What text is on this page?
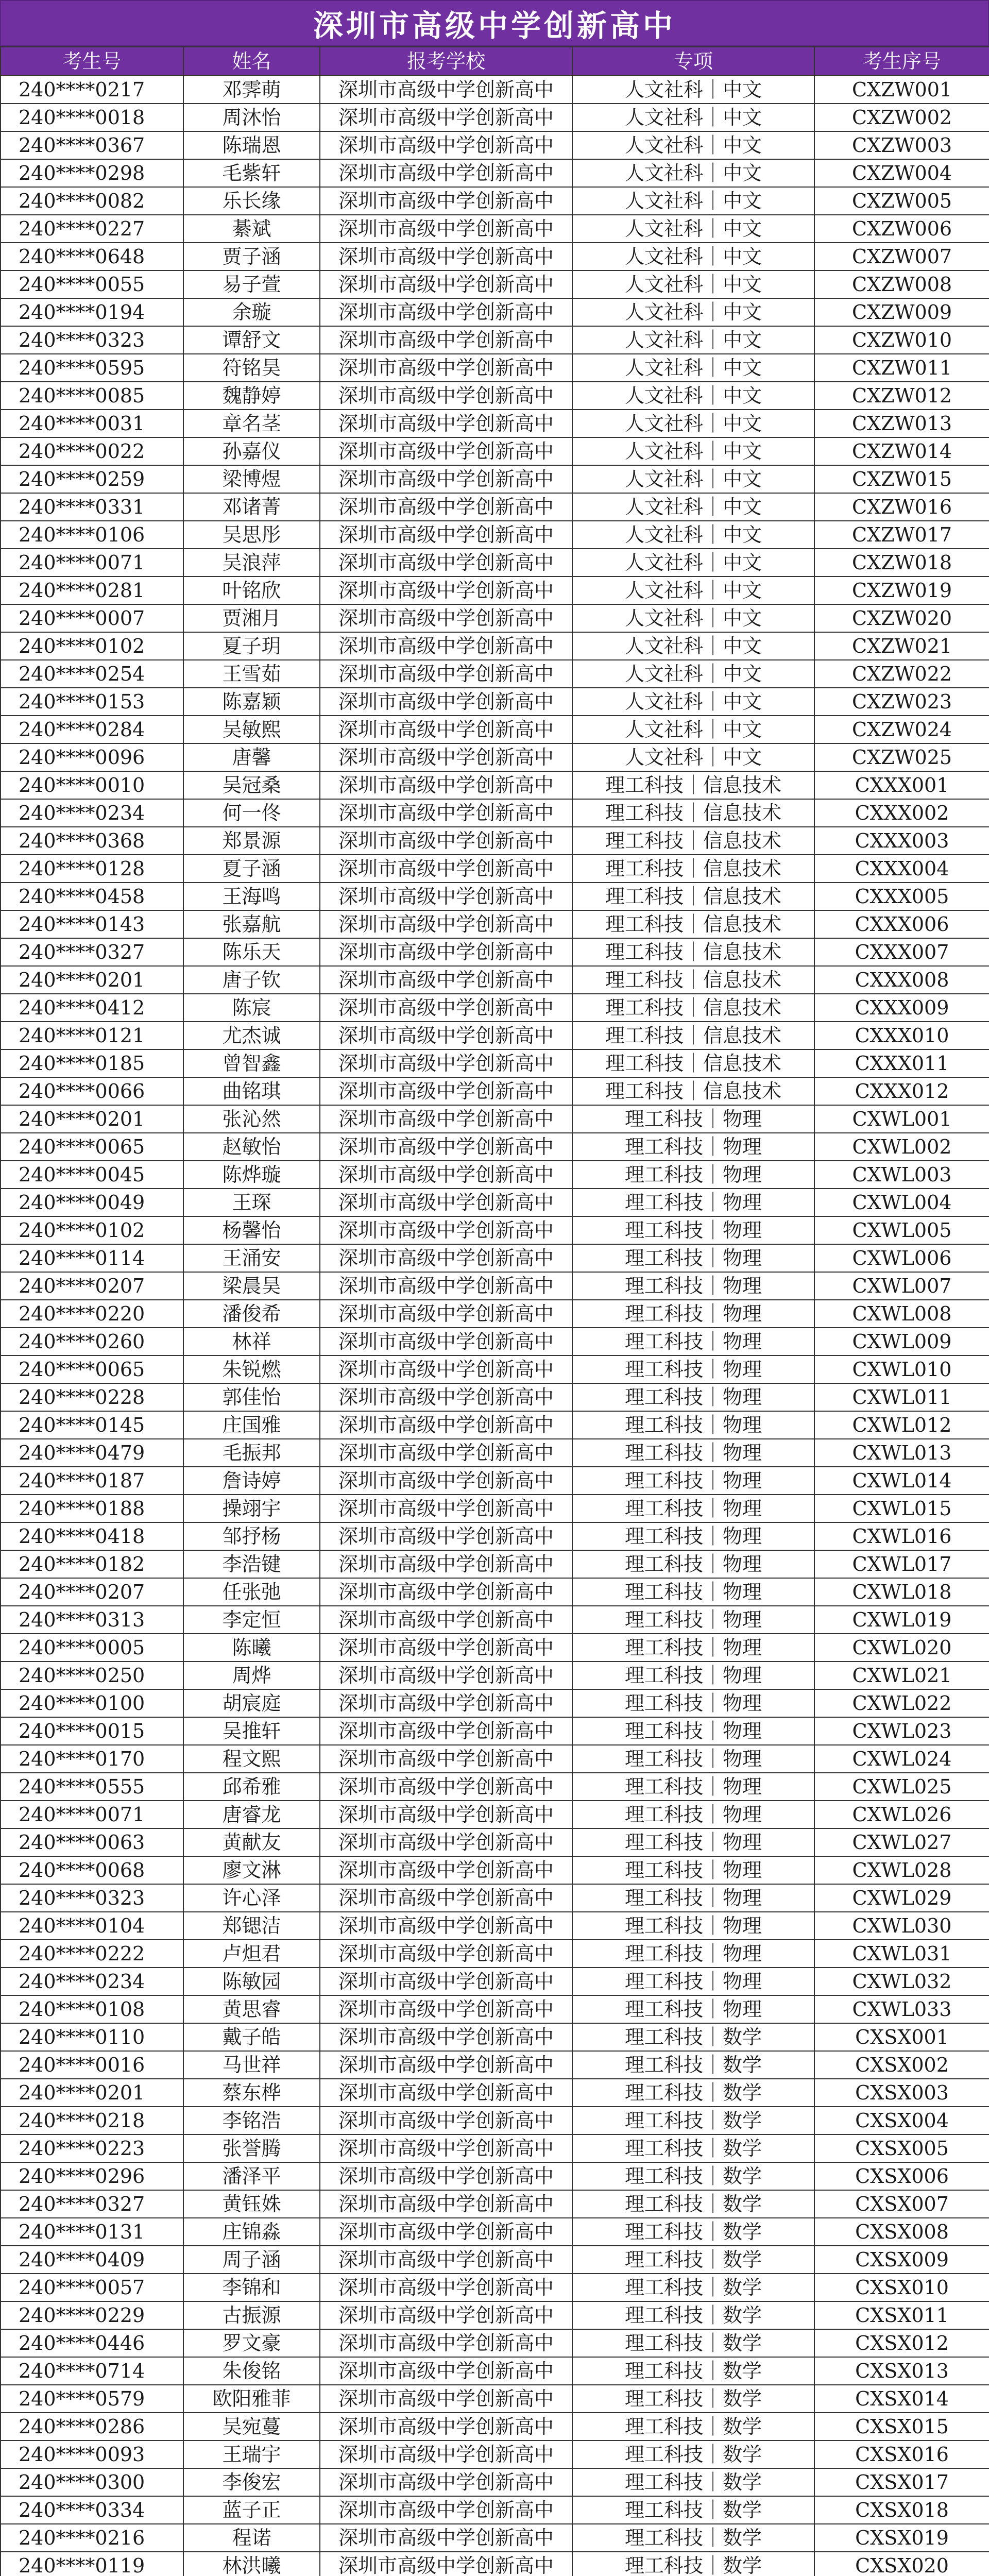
深圳市高级中学创新高中
考生号	姓名	报考学校	专项	考生序号
240****0217	邓霁萌	深圳市高级中学创新高中	人文社科｜中文	CXZW001
240****0018	周沐怡	深圳市高级中学创新高中	人文社科｜中文	CXZW002
240****0367	陈瑞恩	深圳市高级中学创新高中	人文社科｜中文	CXZW003
240****0298	毛紫轩	深圳市高级中学创新高中	人文社科｜中文	CXZW004
240****0082	乐长缘	深圳市高级中学创新高中	人文社科｜中文	CXZW005
240****0227	綦斌	深圳市高级中学创新高中	人文社科｜中文	CXZW006
240****0648	贾子涵	深圳市高级中学创新高中	人文社科｜中文	CXZW007
240****0055	易子萱	深圳市高级中学创新高中	人文社科｜中文	CXZW008
240****0194	余璇	深圳市高级中学创新高中	人文社科｜中文	CXZW009
240****0323	谭舒文	深圳市高级中学创新高中	人文社科｜中文	CXZW010
240****0595	符铭昊	深圳市高级中学创新高中	人文社科｜中文	CXZW011
240****0085	魏静婷	深圳市高级中学创新高中	人文社科｜中文	CXZW012
240****0031	章名茎	深圳市高级中学创新高中	人文社科｜中文	CXZW013
240****0022	孙嘉仪	深圳市高级中学创新高中	人文社科｜中文	CXZW014
240****0259	梁博煜	深圳市高级中学创新高中	人文社科｜中文	CXZW015
240****0331	邓诸菁	深圳市高级中学创新高中	人文社科｜中文	CXZW016
240****0106	吴思彤	深圳市高级中学创新高中	人文社科｜中文	CXZW017
240****0071	吴浪萍	深圳市高级中学创新高中	人文社科｜中文	CXZW018
240****0281	叶铭欣	深圳市高级中学创新高中	人文社科｜中文	CXZW019
240****0007	贾湘月	深圳市高级中学创新高中	人文社科｜中文	CXZW020
240****0102	夏子玥	深圳市高级中学创新高中	人文社科｜中文	CXZW021
240****0254	王雪茹	深圳市高级中学创新高中	人文社科｜中文	CXZW022
240****0153	陈嘉颖	深圳市高级中学创新高中	人文社科｜中文	CXZW023
240****0284	吴敏熙	深圳市高级中学创新高中	人文社科｜中文	CXZW024
240****0096	唐馨	深圳市高级中学创新高中	人文社科｜中文	CXZW025
240****0010	吴冠桑	深圳市高级中学创新高中	理工科技｜信息技术	CXXX001
240****0234	何一佟	深圳市高级中学创新高中	理工科技｜信息技术	CXXX002
240****0368	郑景源	深圳市高级中学创新高中	理工科技｜信息技术	CXXX003
240****0128	夏子涵	深圳市高级中学创新高中	理工科技｜信息技术	CXXX004
240****0458	王海鸣	深圳市高级中学创新高中	理工科技｜信息技术	CXXX005
240****0143	张嘉航	深圳市高级中学创新高中	理工科技｜信息技术	CXXX006
240****0327	陈乐天	深圳市高级中学创新高中	理工科技｜信息技术	CXXX007
240****0201	唐子钦	深圳市高级中学创新高中	理工科技｜信息技术	CXXX008
240****0412	陈宸	深圳市高级中学创新高中	理工科技｜信息技术	CXXX009
240****0121	尤杰诚	深圳市高级中学创新高中	理工科技｜信息技术	CXXX010
240****0185	曾智鑫	深圳市高级中学创新高中	理工科技｜信息技术	CXXX011
240****0066	曲铭琪	深圳市高级中学创新高中	理工科技｜信息技术	CXXX012
240****0201	张沁然	深圳市高级中学创新高中	理工科技｜物理	CXWL001
240****0065	赵敏怡	深圳市高级中学创新高中	理工科技｜物理	CXWL002
240****0045	陈烨璇	深圳市高级中学创新高中	理工科技｜物理	CXWL003
240****0049	王琛	深圳市高级中学创新高中	理工科技｜物理	CXWL004
240****0102	杨馨怡	深圳市高级中学创新高中	理工科技｜物理	CXWL005
240****0114	王涌安	深圳市高级中学创新高中	理工科技｜物理	CXWL006
240****0207	梁晨昊	深圳市高级中学创新高中	理工科技｜物理	CXWL007
240****0220	潘俊希	深圳市高级中学创新高中	理工科技｜物理	CXWL008
240****0260	林祥	深圳市高级中学创新高中	理工科技｜物理	CXWL009
240****0065	朱锐燃	深圳市高级中学创新高中	理工科技｜物理	CXWL010
240****0228	郭佳怡	深圳市高级中学创新高中	理工科技｜物理	CXWL011
240****0145	庄国雅	深圳市高级中学创新高中	理工科技｜物理	CXWL012
240****0479	毛振邦	深圳市高级中学创新高中	理工科技｜物理	CXWL013
240****0187	詹诗婷	深圳市高级中学创新高中	理工科技｜物理	CXWL014
240****0188	操翊宇	深圳市高级中学创新高中	理工科技｜物理	CXWL015
240****0418	邹抒杨	深圳市高级中学创新高中	理工科技｜物理	CXWL016
240****0182	李浩键	深圳市高级中学创新高中	理工科技｜物理	CXWL017
240****0207	任张弛	深圳市高级中学创新高中	理工科技｜物理	CXWL018
240****0313	李定恒	深圳市高级中学创新高中	理工科技｜物理	CXWL019
240****0005	陈曦	深圳市高级中学创新高中	理工科技｜物理	CXWL020
240****0250	周烨	深圳市高级中学创新高中	理工科技｜物理	CXWL021
240****0100	胡宸庭	深圳市高级中学创新高中	理工科技｜物理	CXWL022
240****0015	吴推轩	深圳市高级中学创新高中	理工科技｜物理	CXWL023
240****0170	程文熙	深圳市高级中学创新高中	理工科技｜物理	CXWL024
240****0555	邱希雅	深圳市高级中学创新高中	理工科技｜物理	CXWL025
240****0071	唐睿龙	深圳市高级中学创新高中	理工科技｜物理	CXWL026
240****0063	黄献友	深圳市高级中学创新高中	理工科技｜物理	CXWL027
240****0068	廖文淋	深圳市高级中学创新高中	理工科技｜物理	CXWL028
240****0323	许心泽	深圳市高级中学创新高中	理工科技｜物理	CXWL029
240****0104	郑锶洁	深圳市高级中学创新高中	理工科技｜物理	CXWL030
240****0222	卢炟君	深圳市高级中学创新高中	理工科技｜物理	CXWL031
240****0234	陈敏园	深圳市高级中学创新高中	理工科技｜物理	CXWL032
240****0108	黄思睿	深圳市高级中学创新高中	理工科技｜物理	CXWL033
240****0110	戴子皓	深圳市高级中学创新高中	理工科技｜数学	CXSX001
240****0016	马世祥	深圳市高级中学创新高中	理工科技｜数学	CXSX002
240****0201	蔡东桦	深圳市高级中学创新高中	理工科技｜数学	CXSX003
240****0218	李铭浩	深圳市高级中学创新高中	理工科技｜数学	CXSX004
240****0223	张誉腾	深圳市高级中学创新高中	理工科技｜数学	CXSX005
240****0296	潘泽平	深圳市高级中学创新高中	理工科技｜数学	CXSX006
240****0327	黄钰姝	深圳市高级中学创新高中	理工科技｜数学	CXSX007
240****0131	庄锦淼	深圳市高级中学创新高中	理工科技｜数学	CXSX008
240****0409	周子涵	深圳市高级中学创新高中	理工科技｜数学	CXSX009
240****0057	李锦和	深圳市高级中学创新高中	理工科技｜数学	CXSX010
240****0229	古振源	深圳市高级中学创新高中	理工科技｜数学	CXSX011
240****0446	罗文豪	深圳市高级中学创新高中	理工科技｜数学	CXSX012
240****0714	朱俊铭	深圳市高级中学创新高中	理工科技｜数学	CXSX013
240****0579	欧阳雅菲	深圳市高级中学创新高中	理工科技｜数学	CXSX014
240****0286	吴宛蔓	深圳市高级中学创新高中	理工科技｜数学	CXSX015
240****0093	王瑞宇	深圳市高级中学创新高中	理工科技｜数学	CXSX016
240****0300	李俊宏	深圳市高级中学创新高中	理工科技｜数学	CXSX017
240****0334	蓝子正	深圳市高级中学创新高中	理工科技｜数学	CXSX018
240****0216	程诺	深圳市高级中学创新高中	理工科技｜数学	CXSX019
240****0119	林洪曦	深圳市高级中学创新高中	理工科技｜数学	CXSX020
